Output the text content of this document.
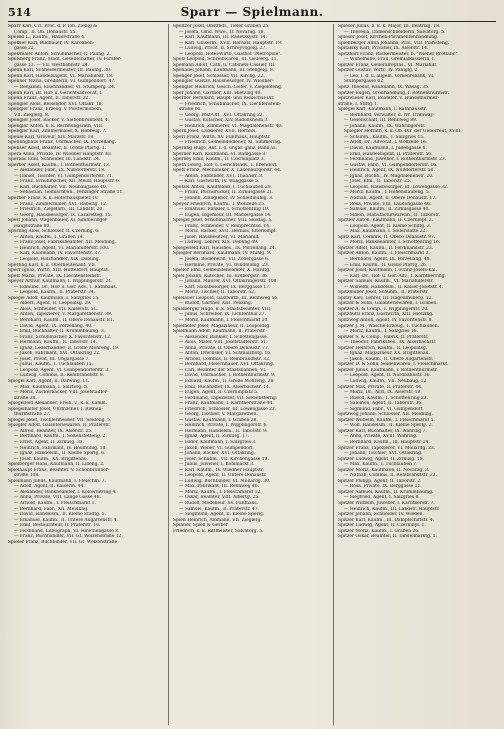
514	Sparr — Spielmann.
Sparr Karl, Ccl. Proc. d. P. Ioh. Ziebig &
Comp., II. Ob. Donaustr. 55.
Spelski L., Kaufm., Hauerstraße 4.
Spelzler Karl, Bildhauer, IV. Karolinen-
gasse 22.
Spelzmaier Anton, Schuhmacher, II. Paling. 2.
Spelsberg Franz, Städt. Gesellschafter, IV. Forster-
gasse 13. — VII. Westbahnstr. 24.
Spenn Karl, Schneidermeister, III. Baumg. 30.
Spenn Karl, Handelsagent, VI. Mariahilfstr. 18.
Spenner Maria, Greißlerin, VI. Gumpendorf. 47.
— Benjamin, Eisenhändler, VI. Stumperg. 24.
Spenn Karl, Dr. Hof- u. Gerichtsadvocat, I.
Spenn Franz, Agent, II. Taborstr. 32.
Spengler Alois, Reisender, XVI. Ottakr. 18.
Spengler Franz, Erzeug. v. Polstermöbeln,
VII. Zieglerg. 8.
Spengler Josef, Bäcker, V. Siebenbrunnenf. 4.
Spengler Anton, k. k. Rechnungsrath, VIII.
Spengler Karl, Zimmermaler, X. Hebbelg. 7.
Spenlé Karl, Graveur, XIV. Märzstr. 18.
Spenlinghaus Franz, Uhrmacher, IX. Porzellang.
Spenser Adolf, Beamter, II. Große Pfarrg. 1.
Spera Anna, Private, IV. Wiedner Hauptstr. 43.
Sperans Emil, Schneider, III. Landstr. 24.
Sperber Adolf, Kaufm., I. Rothenthurmstr. 13.
— Alexander, Fabr., IX. Nußdorferstr. 18.
— Daniel, Tischler, VI. Gumpendorferstr. 71.
— Franz, Schuhmacher, XII. Meidl. Hauptstr. 6.
— Karl, Buchhalter, VII. Neubaugasse 40.
— Sebastian, Gemischtwh., Penzinger Straße 11.
Sperber Franz, k. k. Hofschauspieler, IV.
— Franz, Zimmermaler, XVI. Haberlg. 12.
— Friedrich, Ziegelarb., III. Landstr. 20.
— Georg, Hausbesorger, IX. Lazaretteg. 15.
Sperl Johann, Wagenbauer, XI. Simmeringer
Hauptstraße 80.
Sperling Alois, Schlosser, II. Czerning. 6.
— Anton, Kaufm., I. Graben 14.
— Franz Josef, Fabriksbeamter, XII. Meidling.
— Heinrich, Agent, VI. Mariahilferstr. 100.
— Karl, Kaufmann, IV. Favoritenstr. 37.
— Leopold, Holzhändler, XIX. Döbling.
Sperling Karl, k. k. Oberlieutenant, VII.
Sperr Ignaz, Wirth, XIII. Hütteldorf, Hauptst.
Spett Maria, Private, IX. Liechtensteinstr.
Speyer Arthur, Kaufmann, I. Wipplingerstr. 21.
— Edmund, Dr., Hof- u. Ger. Adv., I. Rathhaus.
— Leopold, Kaufm., II. Praterstr. 34.
Spiegel Adolf, Kaufmann, I. Salzgries 15.
— Albert, Agent, II. Leopoldsg. 29.
— Alois, Schneider, VII. Kaiserstr. 51.
— Anton, Tapezierer, V. Margarethenstr. 39.
— Bernhard, Kaufm., II. Obere Donaustr. 81.
— David, Agent, IX. Porzellang. 40.
— Emil, Buchhalter, II. Krummbaumg. 3.
— Franz, Schuhmacher, X. Favoritenstr. 12.
— Hermann, Kaufm., II. Taborstr. 14.
— Ignaz, Lederhändler, II. Große Mohreng. 19.
— Jakob, Fabrikant, XVI. Ottakring 22.
— Josef, Privat, III. Ungargasse 7.
— Julius, Kaufm., I. Tuchlauben 11.
— Leopold, Agent, VI. Gumpendorferstr. 3.
— Ludwig, Commis, II. Rembrandtstr. 8.
Spiegel Karl, Agent, II. Darwing. 11.
— Max, Kaufmann, I. Salztorg. 5.
— Moriz, Zuckerbäcker, VIII. Josefstädter-
straße 38.
Spiegelfeld Alexander, Freih. v., k. k. Kämm.
Spiegelhalter Josef, Uhrmacher, I. Rothen-
thurmstraße 27.
Spiegel Josef, Tischlermeister, VII. Seideng. 5.
Spiegler Adolf, Galanteriewaren, II. Praterstr.
— Alfred, Beamter, IX. Alserstr. 25.
— Bernhard, Kaufm., I. Seitenstetteng. 2.
— Ernst, Agent, II. Zirkusg. 33.
— Heinrich, Fabrikant, IV. Heumühlg. 10.
— Ignaz, Handelsm., II. Kleine Sperlg. 6.
— Josef, Kaufm., XX. Brigittenau.
Spielberger Hans, Kaufmann, II. Lilieng. 2.
Spielhaupt Franz, Beamter, V. Schönbrunner-
straße 108.
Spielmann Julius, Kaufmann, I. Fleischm. 7.
— Adolf, Agent, II. Kaiserm. 44.
— Alexander, Bankbeamter, I. Kolowratring 4.
— Anna, Private, VIII. Lange Gasse 48.
— Arnold, Kaufm., I. Fleischmarkt 1.
— Bernhard, Fabr., XII. Meidling.
— David, Handelsm., II. Kleine Stadtg. 5.
— Emanuel, Kaufm., II. Untere Augartenstr. 4.
— Emil, Restaurateur, II. Praterstr. 10.
— Ferdinand, Lithograph, VI. Hirschengasse 8.
— Franz, Buchhändler, VII. Gt. Weizenstraße 12.
Spieler Franz, Buchbinder, VII. Gt. Weizenstraße.
Speltzer Josef, Obstfhdl., Tiefer Graben 25.
— Josefa, Gmd. Wwe., II. Novarag. 18.
— Karl, Kaufmann, III. Radetzkystr. 14.
— Karl, Glaserm., XVII. Hernals, Hauptstr. 19.
— Ludwig, Privat, II. Schreyvogelg. 27.
— Leopold, Hotel-Wirth, Gasthof "Metropole".
Spelz Leopold, Schreibwaren, III. Geuserg. 11.
Spemann Adolf, Cath. u. Cabinets-Cassier, III.
Spenadel Johann, Kaufmann, III. Stengelg. 8.
Spenger Josef, Schlosser, VII. Kirchg. 22.
Spengler Gustav, Hausbesorger, IV. Wiedner-
Spengler Heinrich, Gesch.-Leiter, V. Ziegelofeng.
Sper Johann, Gärtner, XIII. Hietzing 40.
Sperber Bernhard, Haupt- und Realschul-Dir.
— Friedrich, Schuhmacher, IX. Liechtenstein-
straße 66.
— Georg, Post-Off., XVI. Ottakring 22.
— Gustav, Kutscher, XIV. Rudolfsheim 3.
— Heinrich, Zimmerer, VI. Magdalenenstr. 40.
Sperk Josef, Lackierer, XVII. Hernals.
Sperl Franz, Wirth, XV. Fünfhaus, Hauptstr.
— Friedrich, Gemeindediener, XI. Simmering.
Sperling Hugo, Ant. I. d. ungar. galiz. Bahn,VI.
Sperner Karl, Kaufmann, VI. Rahlgasse 3.
Sperney Emil, Kaufm., II. Czerninplatz 3.
Speth Georg, Hof- u. Gerichtsadv., I. Ebendorf.
Spett Franz, Mechaniker, X. Laxenburgerstr. 44.
— Anton, Faßbinder, XVI. Thaliastr. 8.
— Karl, Gastwirth, IV. Waaggasse 5.
Spetzel Anton, Kaufmann, I. Tuchlauben 20.
— Franz, Buchdrucker, II. Zirkusgasse 21.
— Johann, Zinngießer, IV. Schleifmühlg. 3.
Speyer Friedrich, Kaufm., I. Wollzeile 25.
— Emanuel, Bankier, I. Schottenring 19.
— Eugen, Ingenieur, III. Marxergasse 14.
Spiegel Josef, Schuhmacher, VIII. Skodag. 5.
— Franz, Schneider, V. Reinprechtsd. 14.
— Moriz, Bäcker, XVII. Hernals, Elterleinpl.
— Josef, Hausbesitzer, VI. Mariahilf.
— Ludwig, Lehrer, XIX. Döbling 49.
Spiegelfeld Karl, Hausbes., IX. Porzellang. 24.
Spiegler Bernhard, Kaufmann, IV. Mühlg. 9.
— Josefa, Bedienerin, VII. Zollergasse 6.
— Hermine, Private, VI. Windmühlg. 23.
Spieler Emil, Gemeindebeamter, X. Hardtg.
Spiel Johann, Kutscher, III. Erdbergstr. 36.
— Johann, Maurer, XVI. Ottakringerstr. 108.
— Karl, Hausbesorger, IX. Berggasse 17.
— Moriz, Tischler, II. Taborstr. 52.
Spielauer Leopold, Gastwirth, III. Rennweg 56.
— Rudolf, Gärtner, XIII. Penzing.
Spielberger Hugo, k. k. Staatsbeamter, VIII.
— Julius, Schreiber, IX. Lichtenthal 27.
— Moriz, Kaufmann, I. Fleischmarkt 20.
Spielhofer Josef, Magazineur, II. Leopoldsg.
Spielmann Adolf, Kaufmann, II. Praterstr.
— Alexander, Bankier, I. Schottengasse.
— Alois, Maler, VIII. Josefstädterstr. 51.
— Anna, Private, II. Obere Donaustr. 77.
— Anton, Drechsler, VI. Schmalzhofg. 16.
— Arnold, Commis, II. Rembrandtstr. 32.
— Bernhard, Fleischhauer, XVI. Ottakring.
— Carl, Beamter der Staatsbahnen, VI.
— David, Uhrmacher, I. Rothenthurmstr. 9.
— Eduard, Kaufm., II. Große Mohreng. 38.
— Emil, Buchhalter, IX. Alserbachstr. 14.
— Eugen, Agent, II. Czerninplatz 5.
— Ferdinand, Tapezierer, VII. Siebensterng.
— Franz, Kaufmann, I. Kärntnerstraße 44.
— Friedrich, Schlosser, III. Löwengasse 22.
— Georg, Tischler, V. Margarethen.
— Gustav, Kaufmann, I. Graben 28.
— Heinrich, Private, I. Wipplingerstr. 6.
— Hermann, Handelsm., II. Taborstr. 9.
— Ignaz, Agent, II. Zirkusg. 17.
— Isidor, Kaufmann, I. Salzgries 3.
— Jakob, Weber, VI. Gumpendorf.
— Johann, Bäcker, XVI. Ottakring.
— Josef, Schuhm., VII. Kirchengasse 19.
— Julius, Juwelier, I. Kohlmarkt 3.
— Karl, Kaufm., IV. Wiedner Hauptstr.
— Leopold, Agent, II. Untere Donaustr.
— Ludwig, Buchbinder, VI. Mollardg. 30.
— Max, Fabrikant, III. Rennweg 46.
— Moriz, Kaufm., I. Fleischmarkt 12.
— Oskar, Beamter, VIII. Albertg. 25.
— Rudolf, Modelleur, XV. Fünfhaus.
— Samuel, Kaufm., II. Praterstr. 47.
— Siegmund, Agent, II. Kleine Sperlg.
Spieß Heinrich, Ammann, VII. Zieglerg.
Spinner, Spiek & Gerber
Friedrich, k. k. Rittmeister, Salvatorg. 5.
Spieser Julius, b. k. k. Major, III. Beatrixg. 18.
— Theresia, Damenschneiderin, Salvatorg. 5.
Spieser Josef, Kirchen-Paramentenhandlung.
Spießberger Anna Johanna, Priv., VIII. Piaristeng.
Spitalsky Karl, Privatier, IX. Alserstr. 14.
Spitzbart Franz, Bäckermeister, b. "Wiener Brotfabr."
— Wilhelmine, Frau, Gremialkassierin, I.
Spitzer Franz, Generalrepräs., VI. Mariahilf.
Spitzer Gustav, Vertr., IV. Paniglg. 2.
— Leo, I. d. u. allgem. Verkehrsbank, VI.
Stumpergasse 62.
Spitz Theodor, Kaufmann, IX. Wasag. 35.
Spitzer Eugen, Großhandlung, I. Rothenthurmstr.
Spitzwieser Karl, Beamter, V. Hundsthurmer-
straße, I. Stiftg. I.
Spiegel Karl, Kaufmann, I. Rathhausstr.
— Bernhard, Verwalter, d. Wr. Tramway-
— Gesellschaft, III. Rennweg 89.
— Johann, Kaufm., IX. Währingerstr.
Spiegler Hofrath, k. k. Ob.-Dir. der Ueberreut, XVIII.
— Schuhm., Kaufm., I. Salzgries 15.
— Adolf, Dr., Advocat, I. Wollzeile 16.
— David, Kaufmann, I. Judengasse 6.
— Emil, Handelsagent, II. Praterstr. 56.
— Ferdinand, Juwelier, I. Rothenthurmstr. 23.
— Gustav, Fabr., VI. Gumpendorferstr. 16.
— Heinrich, Agent, IX. Nußdorferstr. 50.
— Ignaz, Buchh., IV. Magdalenenstr. 20.
— Josef, Kfm., II. Taborstr. 25.
— Leopold, Hausbesorger, III. Löwengasse 32.
— Moriz, Kaufm., I. Hohenstaufeng. 5.
— Nathan, Agent, II. Obere Donaustr. 17.
— Rosa, Private, VIII. Laudongasse 46.
— Samuel, Kaufm., II. Zirkusgasse 40.
— Simon, Manufacturwarenh., II. Taborstr.
Spittler Anton, Kaufmann, II. Czerninpl. 2.
— Leopold, Agent, II. Kleine Schiffg. 3.
— Max, Kaufmann, I. Seilerstätte 22.
Spitz Karl, Commis, II. Obere Donaustr. 97.
— Moriz, Bankbeamter, I. Schottenring 16.
Spitzer Adolf, Kaufm., II. Ferdinandstr. 23.
Spitzer Anton, Kaufm., I. Fleischmarkt 3.
— Bernhard, Agent, IX. Porzellang. 48.
— Emil, Kaufm., II. Große Pfarrg. 26.
Spitzer Josef, Kaufmann, I. Franz-Josefs-Kai.
— Karl, Dr., Hof- u. Ger.-Adv., I. Kärntnerring.
Spitzer Samuel, Kaufm., VI. Mariahilferstr.
— Wilhelm, Handelsm., II. Kaiser-Josefstr. 4.
Spitzmüller Josef, Schuhm., II. Praterstr.
Spitzy Karl, Lehrer, III. Hagenmüllerg. 12.
Spitzer & Sohn, Galanteriewaren, I. Graben.
Spitzer A. & Comp., I. Wipplingerstr. 20.
Spitzhüttl Franz, Gastwirth, XIII. Hietzing.
Spitzweg Anton, Agent, IV. Favoritenstr. 8.
Spitzer J. M., Wäsche-Erzeug., I. Tuchlauben.
— Moriz, Kaufm., I. Salzgries 16.
Spitzer S. & Comp., Fabrik, II. Praterstr.
— Theodor, Fabriksbes., IX. Alserbachstr.
Spitzer Heinrich, Kaufm., II. Leopoldsg.
— Ignaz, Magazineur, XX. Brigittenau.
— Jakob, Kaufm., II. Obere Augartenstr.
Spitzer D. & Sohn, Seidenwaren, I. Fleischmarkt.
Spitzer Julius, Kaufmann, I. Rothenthurmstr.
— Leopold, Agent, II. Nordbahnstr. 16.
— Ludwig, Kaufm., VII. Neubaug. 12.
Spitzer Max, Private, II. Praterstr. 44.
— Moriz, Dr., Arzt, IX. Alserstr. 19.
— Rudolf, Kaufm., I. Schottenring 23.
— Salomon, Agent, II. Taborstr. 36.
— Sigmund, Fabr., VI. Gumpendorf.
Spitzweg Johann, Schlosser, XII. Meidling.
Spitzer Wilhelm, Kaufm., I. Fleischmarkt 5.
— Wolf, Handelsm., II. Kleine Sperlg. 2.
Spitzer Karl, Buchhalter, IX. Währing 7.
— Anna, Private, XVIII. Währing.
— Bernhard, Kaufm., III. Hauptstr. 24.
Spitzer Franz, Tapezierer, VI. Mollardg. 23.
— Johann, Tischler, XVI. Ottakring.
Spitzer Ludwig, Agent, II. Zirkusg. 19.
— Max, Kaufm., I. Tuchlauben 7.
Spitzer Moriz, Kaufmann, II. Novarag. 3.
— Nathan, Commis, II. Rembrandtstr. 23.
Spitzer Philipp, Agent, II. Taborstr. 2.
— Rosa, Private, IX. Berggasse 11.
Spitzer Samuel, Kaufm., II. Krummbaumg.
— Siegfried, Agent, I. Salzgries 8.
Spitzer Wilhelm, Juwelier, I. Kärntnerstr. 7.
— Heinrich, Kaufm., III. Landstr. Hauptstr.
Spitzer Johann, Schneider, IV. Wieden.
Spitzer Karl, Kaufm., III. Dampfschiffstr. 4.
Spitzer Ludwig, Agent, II. Czerninpl. 1.
Spitzer Moriz, Kaufm., I. Graben 26.
Spitzer Oskar, Beamter, II. Tandelmarktg. 1.
